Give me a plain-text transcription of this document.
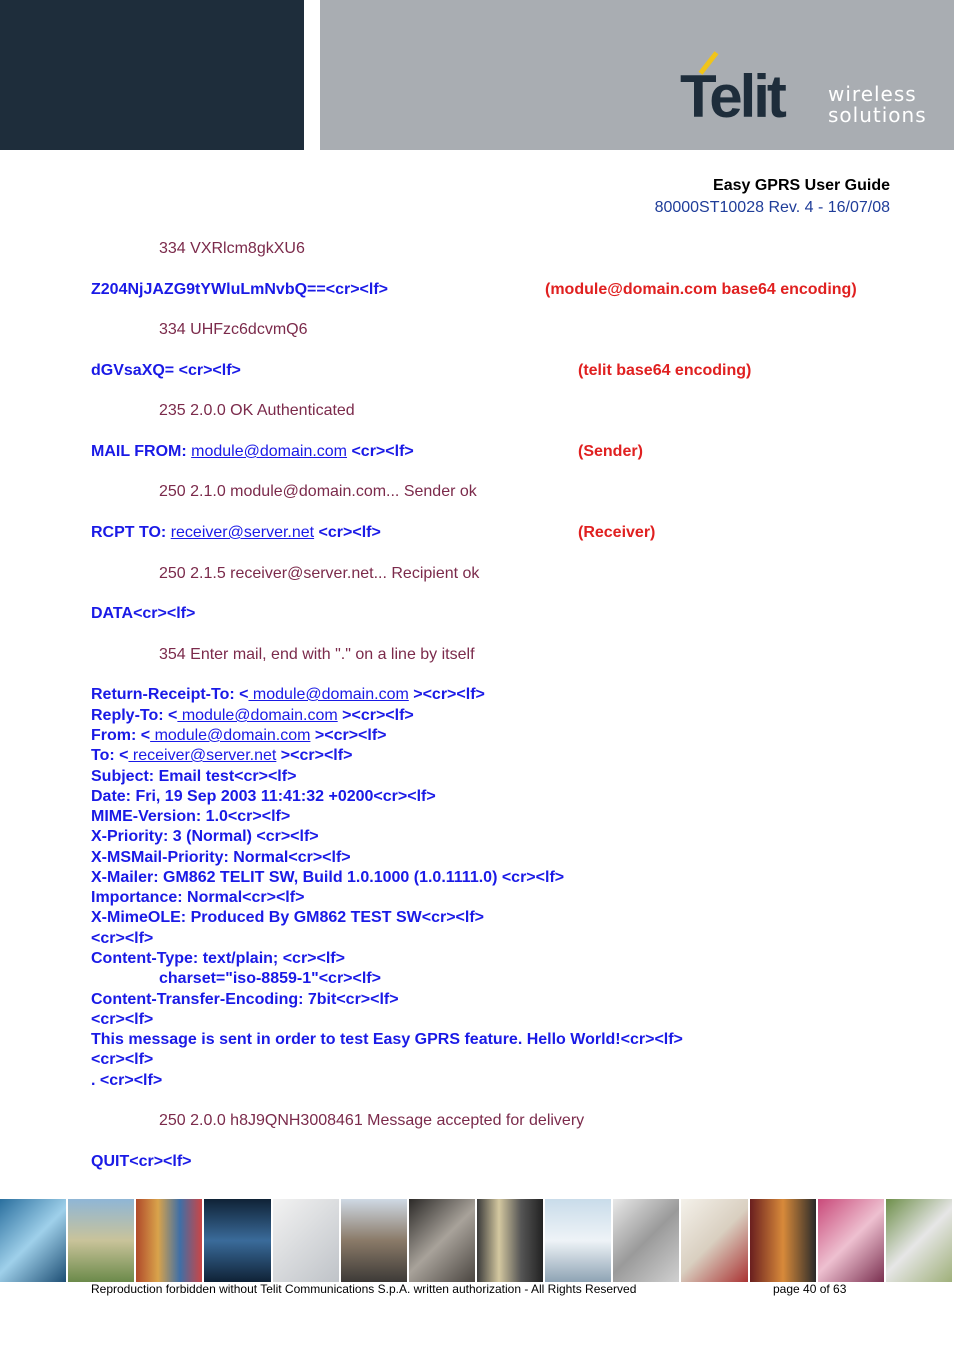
Telit wireless
solutions
Easy GPRS User Guide
80000ST10028 Rev. 4 - 16/07/08
334 VXRlcm8gkXU6
Z204NjJAZG9tYWluLmNvbQ==<cr><lf>	(module@domain.com base64 encoding)
334 UHFzc6dcvmQ6
dGVsaXQ= <cr><lf>	(telit base64 encoding)
235 2.0.0 OK Authenticated
MAIL FROM: module@domain.com <cr><lf>	(Sender)
250 2.1.0 module@domain.com... Sender ok
RCPT TO: receiver@server.net <cr><lf>	(Receiver)
250 2.1.5 receiver@server.net... Recipient ok
DATA<cr><lf>
354 Enter mail, end with "." on a line by itself
Return-Receipt-To: < module@domain.com ><cr><lf>
Reply-To: < module@domain.com ><cr><lf>
From: < module@domain.com ><cr><lf>
To: < receiver@server.net ><cr><lf>
Subject: Email test<cr><lf>
Date: Fri, 19 Sep 2003 11:41:32 +0200<cr><lf>
MIME-Version: 1.0<cr><lf>
X-Priority: 3 (Normal) <cr><lf>
X-MSMail-Priority: Normal<cr><lf>
X-Mailer: GM862 TELIT SW, Build 1.0.1000 (1.0.1111.0) <cr><lf>
Importance: Normal<cr><lf>
X-MimeOLE: Produced By GM862 TEST SW<cr><lf>
<cr><lf>
Content-Type: text/plain; <cr><lf>
charset="iso-8859-1"<cr><lf>
Content-Transfer-Encoding: 7bit<cr><lf>
<cr><lf>
This message is sent in order to test Easy GPRS feature. Hello World!<cr><lf>
<cr><lf>
. <cr><lf>
250 2.0.0 h8J9QNH3008461 Message accepted for delivery
QUIT<cr><lf>
Reproduction forbidden without Telit Communications S.p.A. written authorization - All Rights Reserved	page 40 of 63
